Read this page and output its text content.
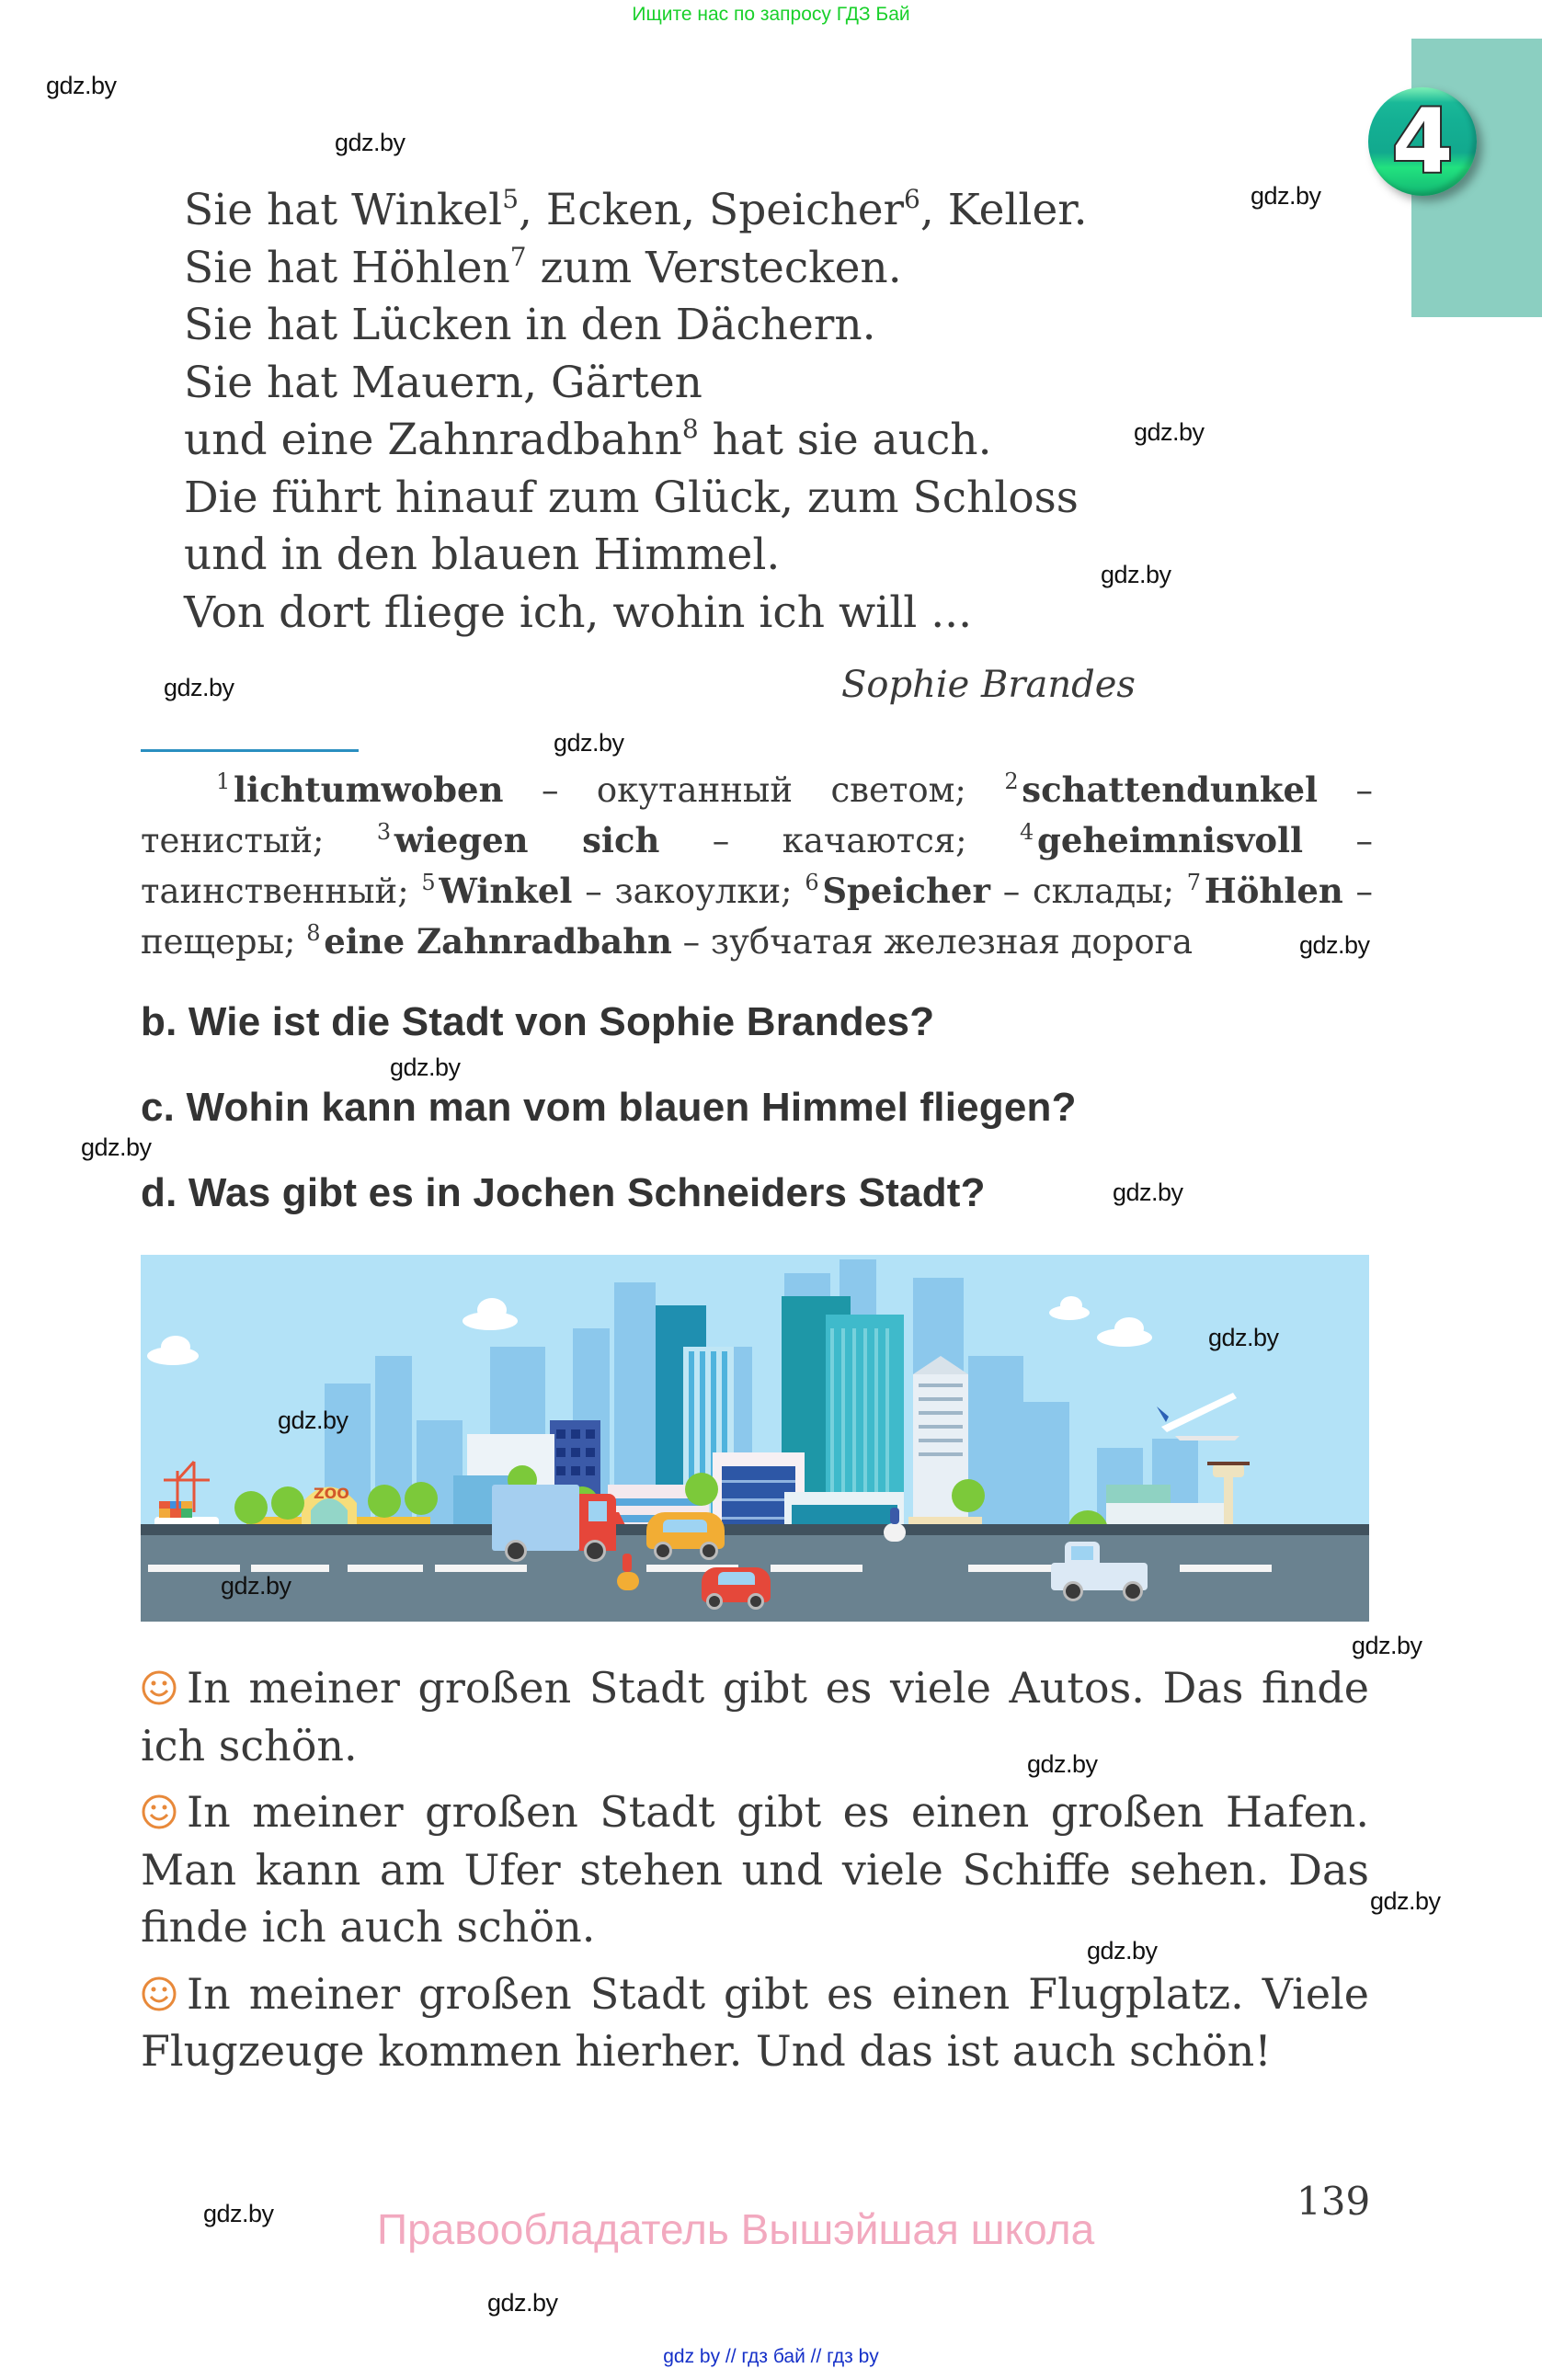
Ищите нас по запросу ГДЗ Бай
4
Sie hat Winkel$^5$, Ecken, Speicher$^6$, Keller.
Sie hat Höhlen$^7$ zum Verstecken.
Sie hat Lücken in den Dächern.
Sie hat Mauern, Gärten
und eine Zahnradbahn$^8$ hat sie auch.
Die führt hinauf zum Glück, zum Schloss
und in den blauen Himmel.
Von dort fliege ich, wohin ich will ...
Sophie Brandes
$^1$ lichtumwoben – окутанный светом; $^2$ schattendunkel – тенистый; $^3$ wiegen sich – качаются; $^4$ geheimnisvoll – таинственный; $^5$ Winkel – закоулки; $^6$ Speicher – склады; $^7$ Höhlen – пещеры; $^8$ eine Zahnradbahn – зубчатая железная дорога
b. Wie ist die Stadt von Sophie Brandes?
c. Wohin kann man vom blauen Himmel fliegen?
d. Was gibt es in Jochen Schneiders Stadt?
ZOO

In meiner großen Stadt gibt es viele Autos. Das finde ich schön.

In meiner großen Stadt gibt es einen großen Hafen. Man kann am Ufer stehen und viele Schiffe sehen. Das finde ich auch schön.

In meiner großen Stadt gibt es einen Flugplatz. Viele Flugzeuge kommen hierher. Und das ist auch schön!

139
Правообладатель Вышэйшая школа
gdz by // гдз бай // гдз by
gdz.by
gdz.by
gdz.by
gdz.by
gdz.by
gdz.by
gdz.by
gdz.by
gdz.by
gdz.by
gdz.by
gdz.by
gdz.by
gdz.by
gdz.by
gdz.by
gdz.by
gdz.by
gdz.by
gdz.by
